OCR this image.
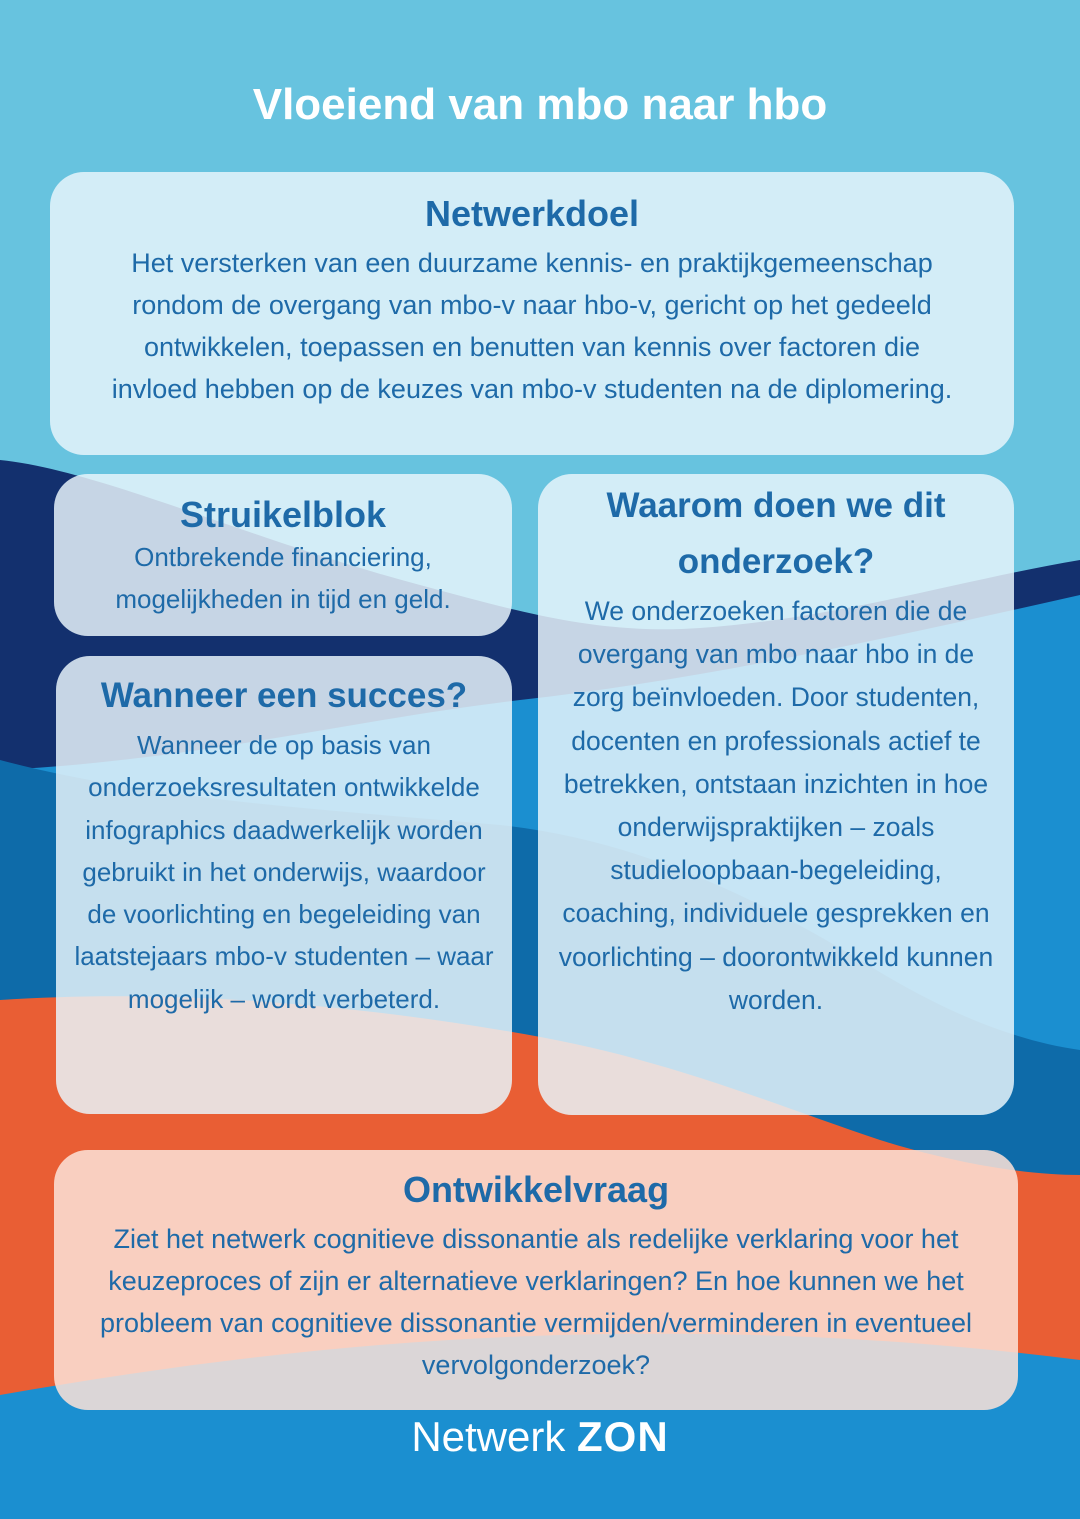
Vloeiend van mbo naar hbo
Netwerkdoel

Het versterken van een duurzame kennis- en praktijkgemeenschap rondom de overgang van mbo-v naar hbo-v, gericht op het gedeeld ontwikkelen, toepassen en benutten van kennis over factoren die invloed hebben op de keuzes van mbo-v studenten na de diplomering.

Struikelblok

Ontbrekende financiering, mogelijkheden in tijd en geld.

Wanneer een succes?

Wanneer de op basis van onderzoeksresultaten ontwikkelde infographics daadwerkelijk worden gebruikt in het onderwijs, waardoor de voorlichting en begeleiding van laatstejaars mbo-v studenten – waar mogelijk – wordt verbeterd.

Waarom doen we dit onderzoek?

We onderzoeken factoren die de overgang van mbo naar hbo in de zorg beïnvloeden. Door studenten, docenten en professionals actief te betrekken, ontstaan inzichten in hoe onderwijspraktijken – zoals studieloopbaan-begeleiding, coaching, individuele gesprekken en voorlichting – doorontwikkeld kunnen worden.

Ontwikkelvraag

Ziet het netwerk cognitieve dissonantie als redelijke verklaring voor het keuzeproces of zijn er alternatieve verklaringen? En hoe kunnen we het probleem van cognitieve dissonantie vermijden/verminderen in eventueel vervolgonderzoek?

Netwerk ZON
